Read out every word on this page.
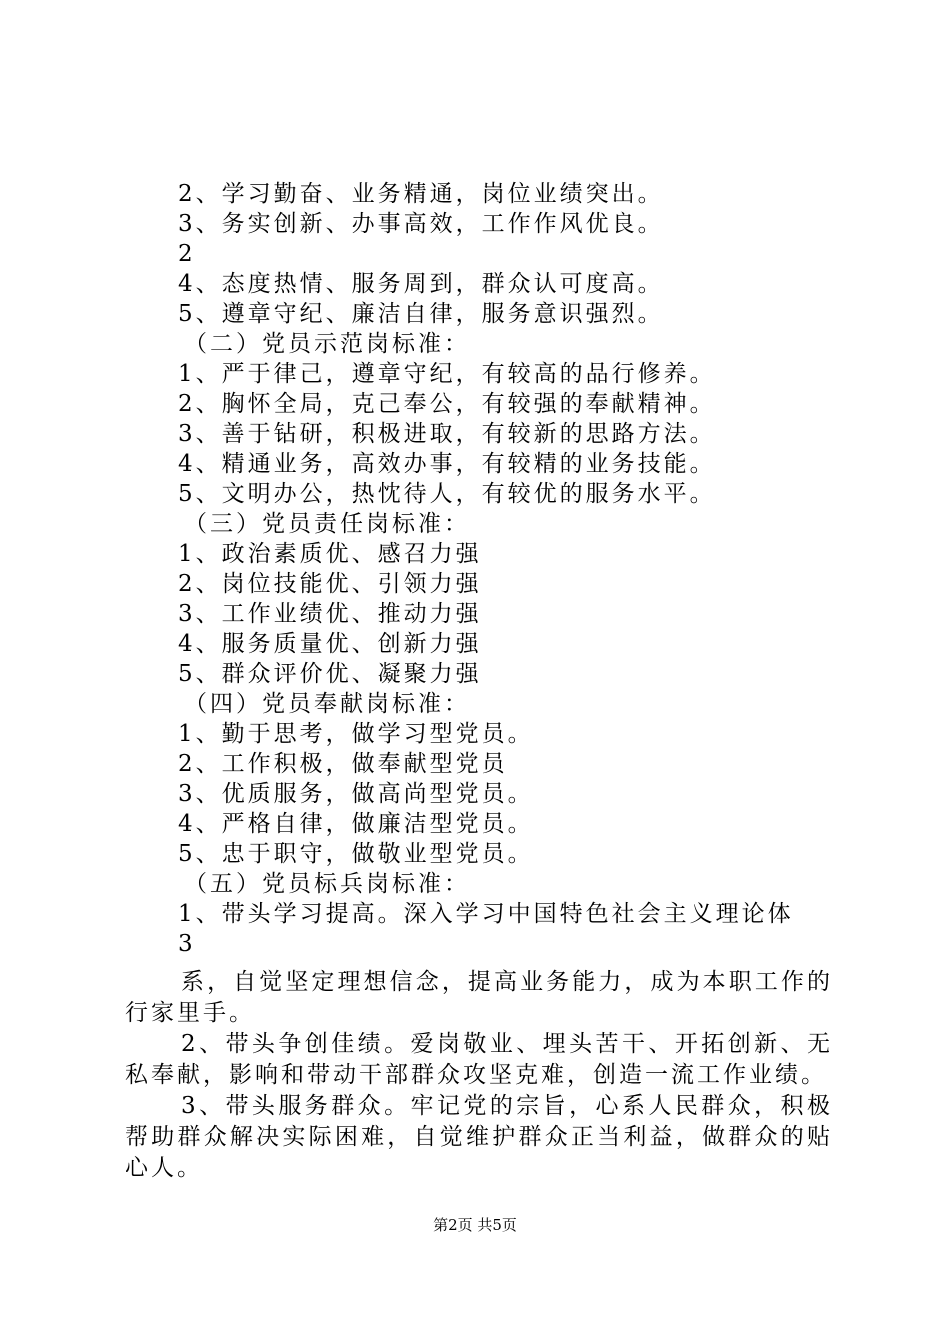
2、学习勤奋、业务精通，岗位业绩突出。
3、务实创新、办事高效，工作作风优良。
2
4、态度热情、服务周到，群众认可度高。
5、遵章守纪、廉洁自律，服务意识强烈。
（二）党员示范岗标准：
1、严于律己，遵章守纪，有较高的品行修养。
2、胸怀全局，克己奉公，有较强的奉献精神。
3、善于钻研，积极进取，有较新的思路方法。
4、精通业务，高效办事，有较精的业务技能。
5、文明办公，热忱待人，有较优的服务水平。
（三）党员责任岗标准：
1、政治素质优、感召力强
2、岗位技能优、引领力强
3、工作业绩优、推动力强
4、服务质量优、创新力强
5、群众评价优、凝聚力强
（四）党员奉献岗标准：
1、勤于思考，做学习型党员。
2、工作积极，做奉献型党员
3、优质服务，做高尚型党员。
4、严格自律，做廉洁型党员。
5、忠于职守，做敬业型党员。
（五）党员标兵岗标准：
1、带头学习提高。深入学习中国特色社会主义理论体
3
系，自觉坚定理想信念，提高业务能力，成为本职工作的行家里手。
2、带头争创佳绩。爱岗敬业、埋头苦干、开拓创新、无私奉献，影响和带动干部群众攻坚克难，创造一流工作业绩。
3、带头服务群众。牢记党的宗旨，心系人民群众，积极帮助群众解决实际困难，自觉维护群众正当利益，做群众的贴心人。
第2页 共5页
